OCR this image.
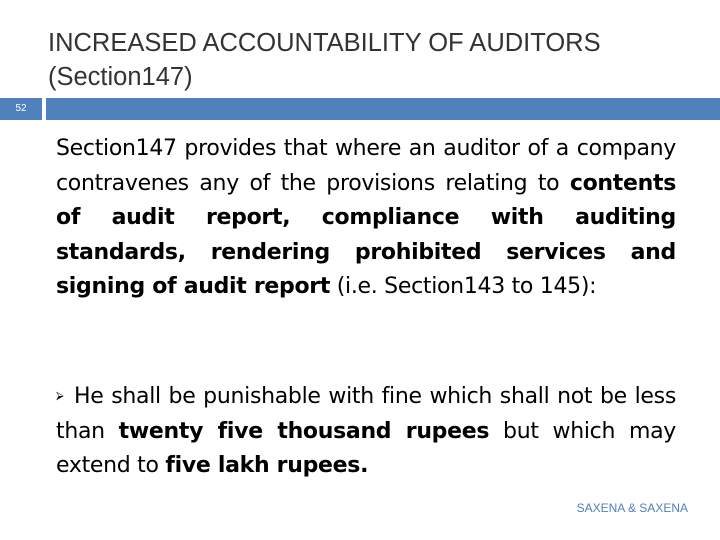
INCREASED ACCOUNTABILITY OF AUDITORS (Section147)
52

Section147 provides that where an auditor of a company contravenes any of the provisions relating to contents of audit report, compliance with auditing standards, rendering prohibited services and signing of audit report (i.e. Section143 to 145):

⮚ He shall be punishable with fine which shall not be less than twenty five thousand rupees but which may extend to five lakh rupees.

SAXENA & SAXENA
